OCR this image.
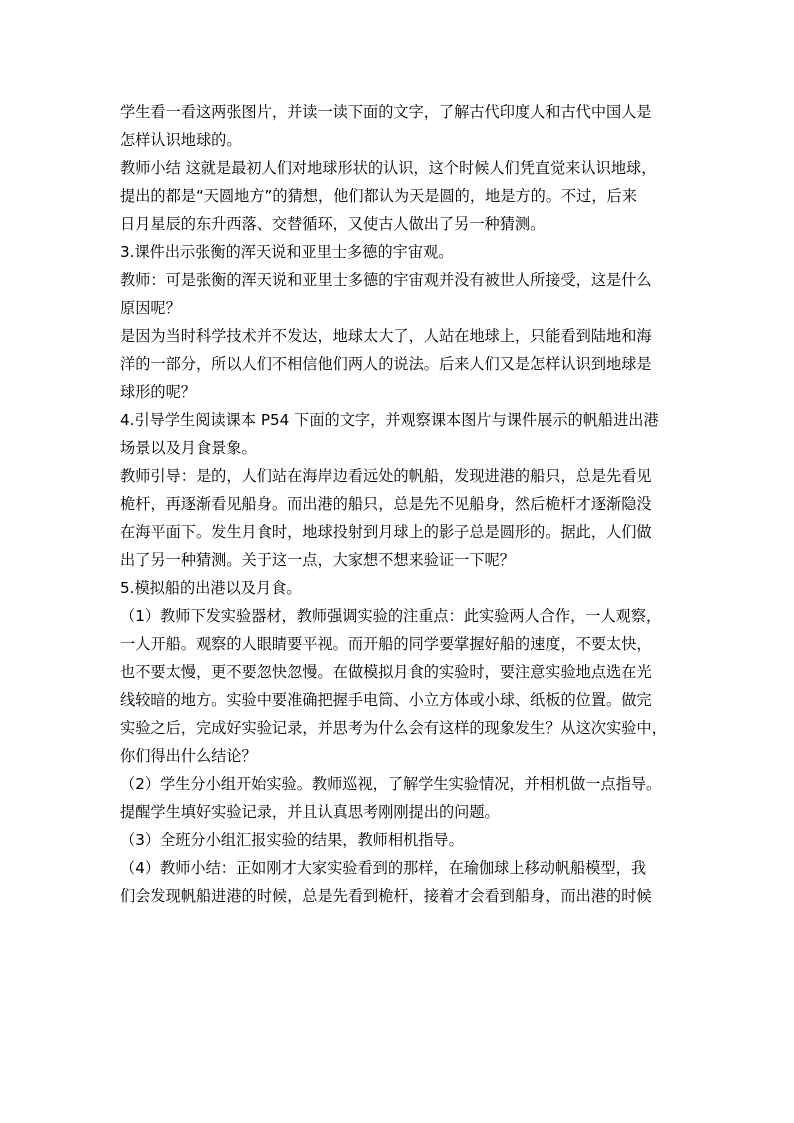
学生看一看这两张图片，并读一读下面的文字，了解古代印度人和古代中国人是
怎样认识地球的。
教师小结 这就是最初人们对地球形状的认识，这个时候人们凭直觉来认识地球，
提出的都是“天圆地方”的猜想，他们都认为天是圆的，地是方的。不过，后来
日月星辰的东升西落、交替循环，又使古人做出了另一种猜测。
3.课件出示张衡的浑天说和亚里士多德的宇宙观。
教师：可是张衡的浑天说和亚里士多德的宇宙观并没有被世人所接受，这是什么
原因呢？
是因为当时科学技术并不发达，地球太大了，人站在地球上，只能看到陆地和海
洋的一部分，所以人们不相信他们两人的说法。后来人们又是怎样认识到地球是
球形的呢？
4.引导学生阅读课本 P54 下面的文字，并观察课本图片与课件展示的帆船进出港
场景以及月食景象。
教师引导：是的，人们站在海岸边看远处的帆船，发现进港的船只，总是先看见
桅杆，再逐渐看见船身。而出港的船只，总是先不见船身，然后桅杆才逐渐隐没
在海平面下。发生月食时，地球投射到月球上的影子总是圆形的。据此，人们做
出了另一种猜测。关于这一点，大家想不想来验证一下呢？
5.模拟船的出港以及月食。
（1）教师下发实验器材，教师强调实验的注重点：此实验两人合作，一人观察，
一人开船。观察的人眼睛要平视。而开船的同学要掌握好船的速度，不要太快，
也不要太慢，更不要忽快忽慢。在做模拟月食的实验时，要注意实验地点选在光
线较暗的地方。实验中要准确把握手电筒、小立方体或小球、纸板的位置。做完
实验之后，完成好实验记录，并思考为什么会有这样的现象发生？从这次实验中，
你们得出什么结论？
（2）学生分小组开始实验。教师巡视，了解学生实验情况，并相机做一点指导。
提醒学生填好实验记录，并且认真思考刚刚提出的问题。
（3）全班分小组汇报实验的结果，教师相机指导。
（4）教师小结：正如刚才大家实验看到的那样，在瑜伽球上移动帆船模型，我
们会发现帆船进港的时候，总是先看到桅杆，接着才会看到船身，而出港的时候
